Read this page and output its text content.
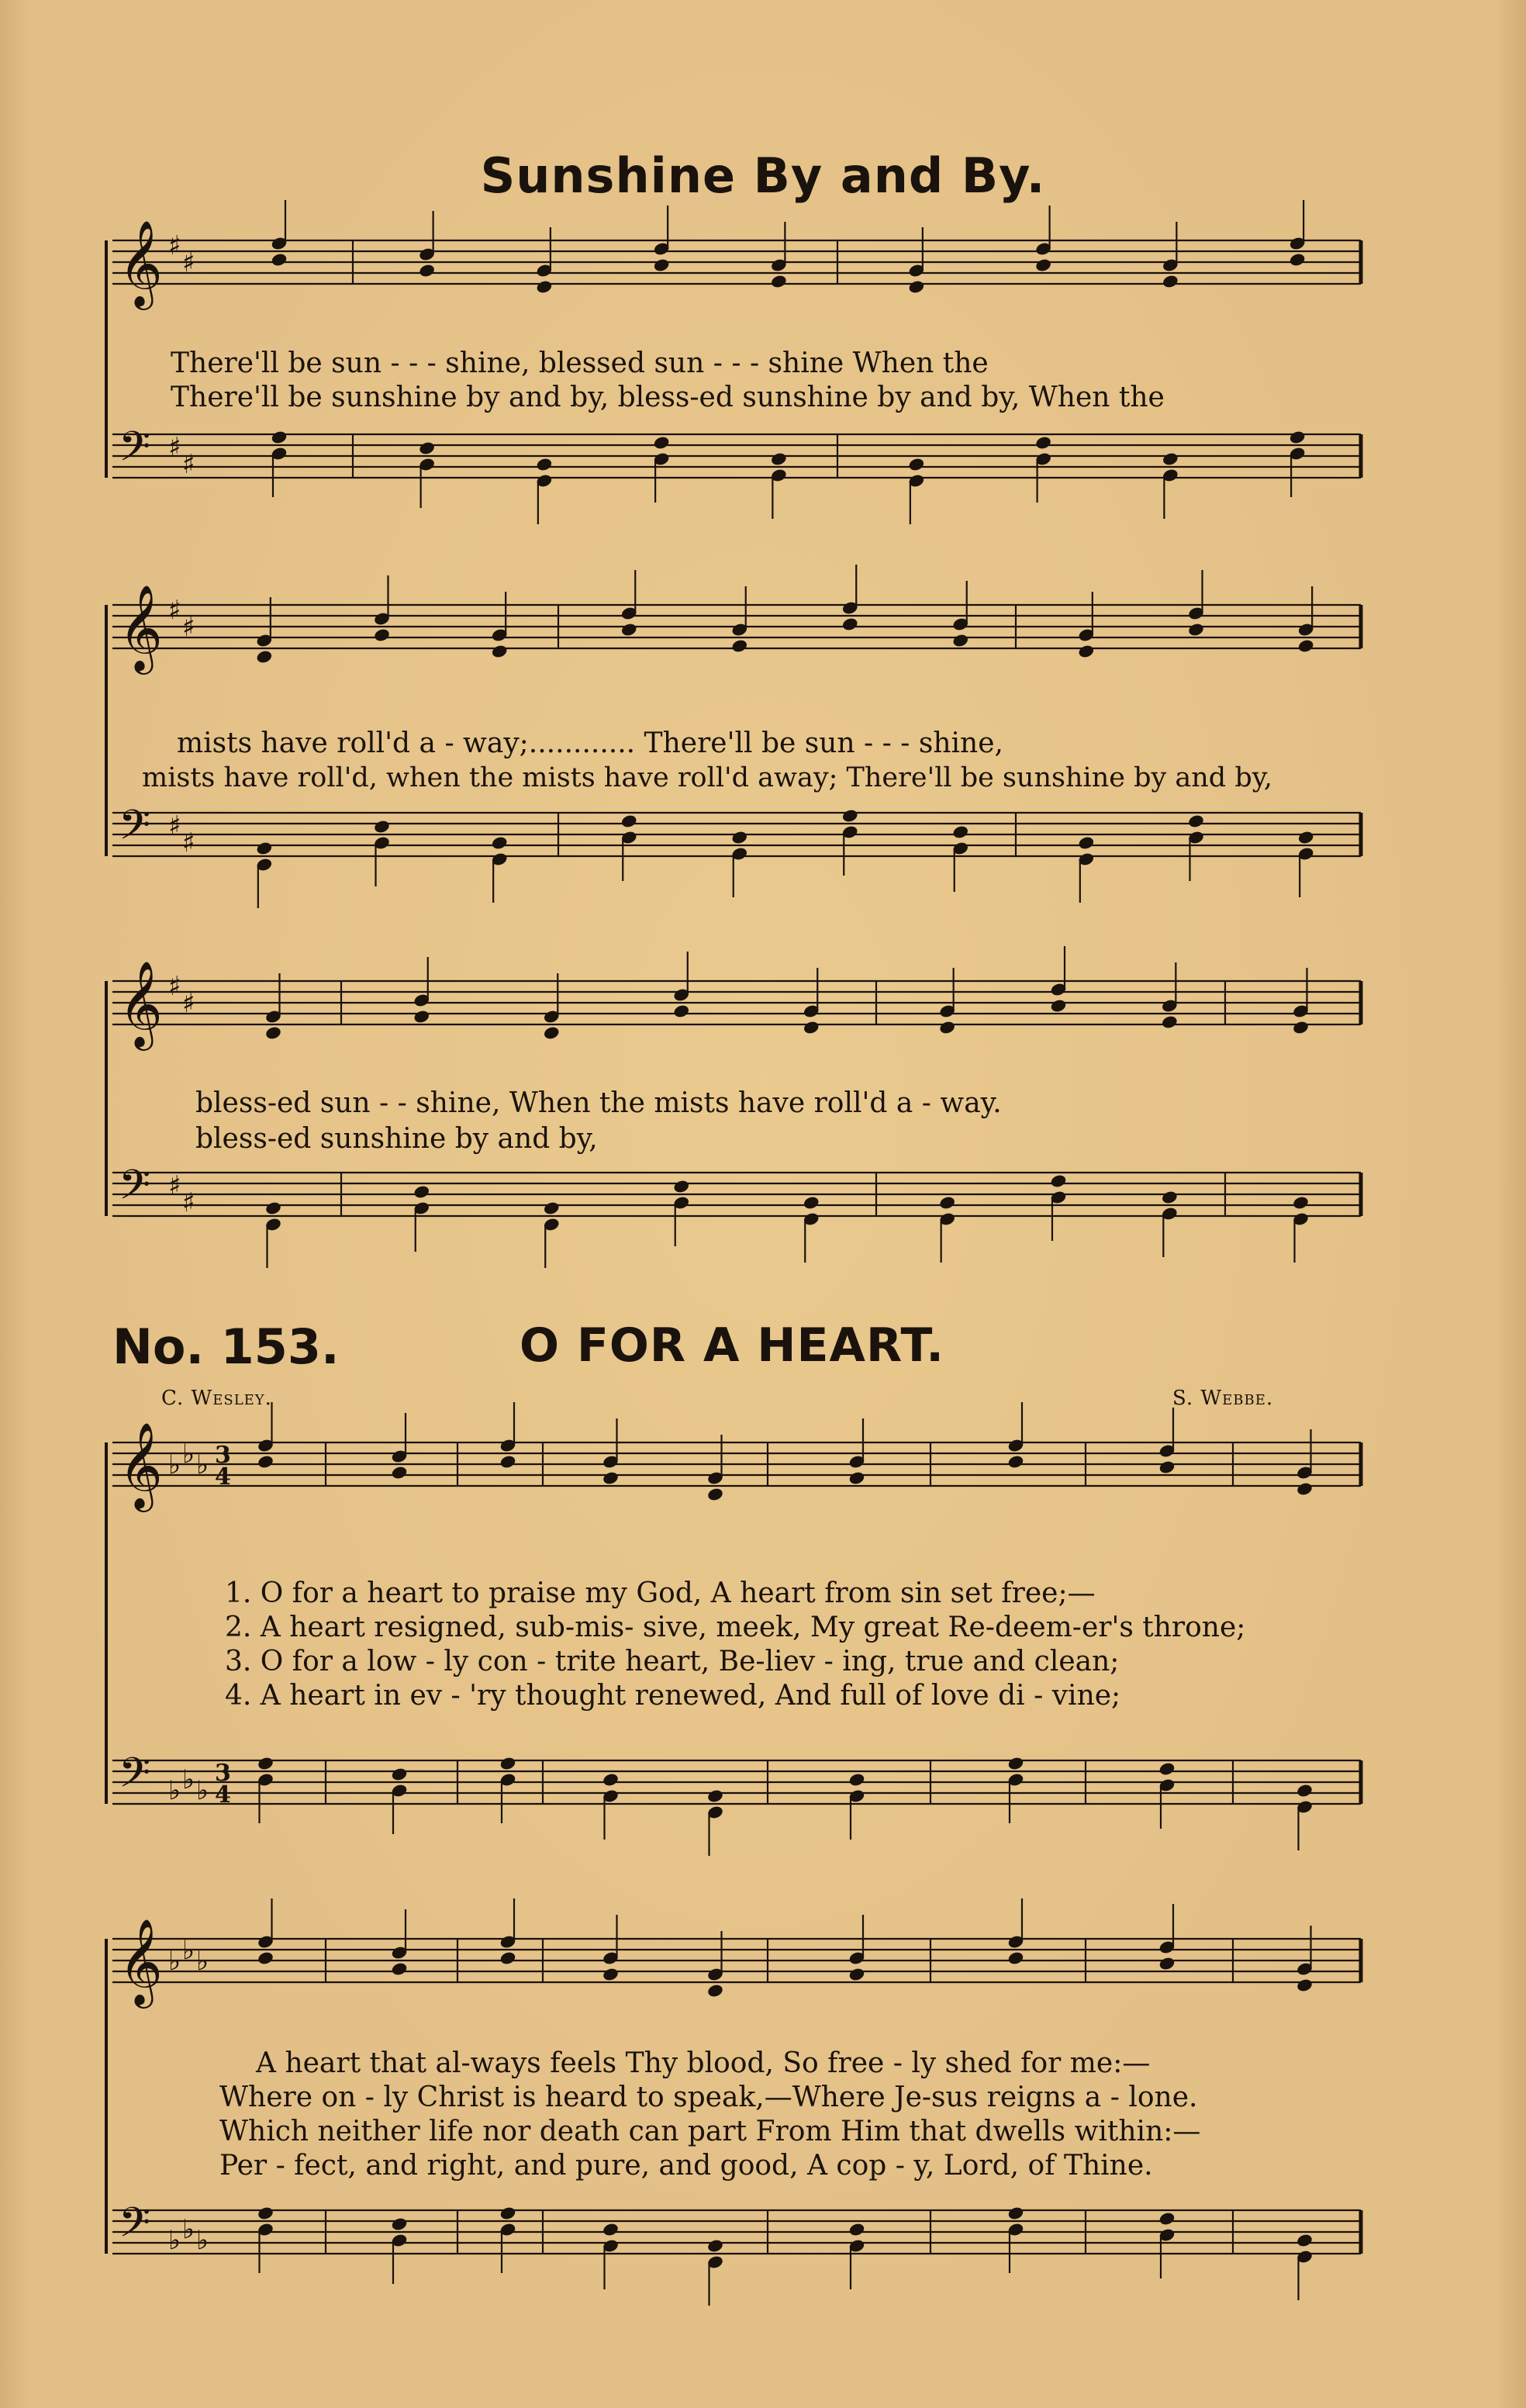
𝄞 ♯
♯
𝄢 ♯
♯
𝄞 ♯
♯
𝄢 ♯
♯
𝄞 ♯
♯
𝄢 ♯
♯
𝄞 ♭ ♭ ♭
𝄢 ♭ ♭ ♭
3
4
3
4
𝄞 ♭ ♭ ♭
𝄢 ♭ ♭ ♭
Sunshine By and By.
There'll be sun - - - shine, blessed sun - - - shine When the
There'll be sunshine by and by, bless-ed sunshine by and by, When the
mists have roll'd a - way;............ There'll be sun - - - shine,
mists have roll'd, when the mists have roll'd away; There'll be sunshine by and by,
bless-ed sun - - shine, When the mists have roll'd a - way.
bless-ed sunshine by and by,
No. 153.	O FOR A HEART.
C. Wesley.	S. Webbe.
1. O for a heart to praise my God, A heart from sin set free;—
2. A heart resigned, sub-mis- sive, meek, My great Re-deem-er's throne;
3. O for a low - ly con - trite heart, Be-liev - ing, true and clean;
4. A heart in ev - 'ry thought renewed, And full of love di - vine;
A heart that al-ways feels Thy blood, So free - ly shed for me:—
Where on - ly Christ is heard to speak,—Where Je-sus reigns a - lone.
Which neither life nor death can part From Him that dwells within:—
Per - fect, and right, and pure, and good, A cop - y, Lord, of Thine.
